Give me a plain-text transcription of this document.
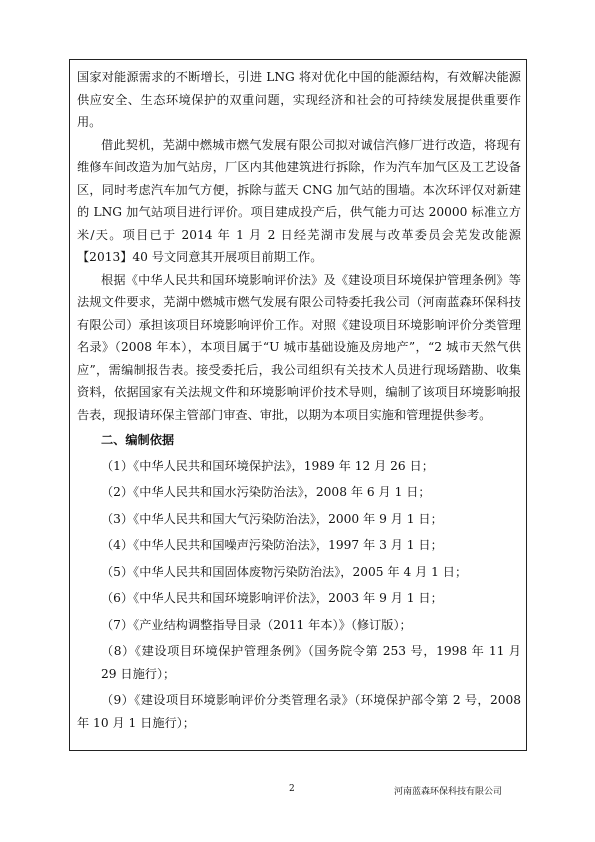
国家对能源需求的不断增长，引进 LNG 将对优化中国的能源结构，有效解决能源供应安全、生态环境保护的双重问题，实现经济和社会的可持续发展提供重要作用。

借此契机，芜湖中燃城市燃气发展有限公司拟对诚信汽修厂进行改造，将现有维修车间改造为加气站房，厂区内其他建筑进行拆除，作为汽车加气区及工艺设备区，同时考虑汽车加气方便，拆除与蓝天 CNG 加气站的围墙。本次环评仅对新建的 LNG 加气站项目进行评价。项目建成投产后，供气能力可达 20000 标准立方米/天。项目已于 2014 年 1 月 2 日经芜湖市发展与改革委员会芜发改能源【2013】40 号文同意其开展项目前期工作。

根据《中华人民共和国环境影响评价法》及《建设项目环境保护管理条例》等法规文件要求，芜湖中燃城市燃气发展有限公司特委托我公司（河南蓝森环保科技有限公司）承担该项目环境影响评价工作。对照《建设项目环境影响评价分类管理名录》（2008 年本），本项目属于“U 城市基础设施及房地产”，“2 城市天然气供应”，需编制报告表。接受委托后，我公司组织有关技术人员进行现场踏勘、收集资料，依据国家有关法规文件和环境影响评价技术导则，编制了该项目环境影响报告表，现报请环保主管部门审查、审批，以期为本项目实施和管理提供参考。

二、编制依据

（1）《中华人民共和国环境保护法》，1989 年 12 月 26 日；

（2）《中华人民共和国水污染防治法》，2008 年 6 月 1 日；

（3）《中华人民共和国大气污染防治法》，2000 年 9 月 1 日；

（4）《中华人民共和国噪声污染防治法》，1997 年 3 月 1 日；

（5）《中华人民共和国固体废物污染防治法》，2005 年 4 月 1 日；

（6）《中华人民共和国环境影响评价法》，2003 年 9 月 1 日；

（7）《产业结构调整指导目录（2011 年本）》（修订版）；

（8）《建设项目环境保护管理条例》（国务院令第 253 号，1998 年 11 月 29 日施行）；

（9）《建设项目环境影响评价分类管理名录》（环境保护部令第 2 号，2008 年 10 月 1 日施行）；

2	河南蓝森环保科技有限公司
